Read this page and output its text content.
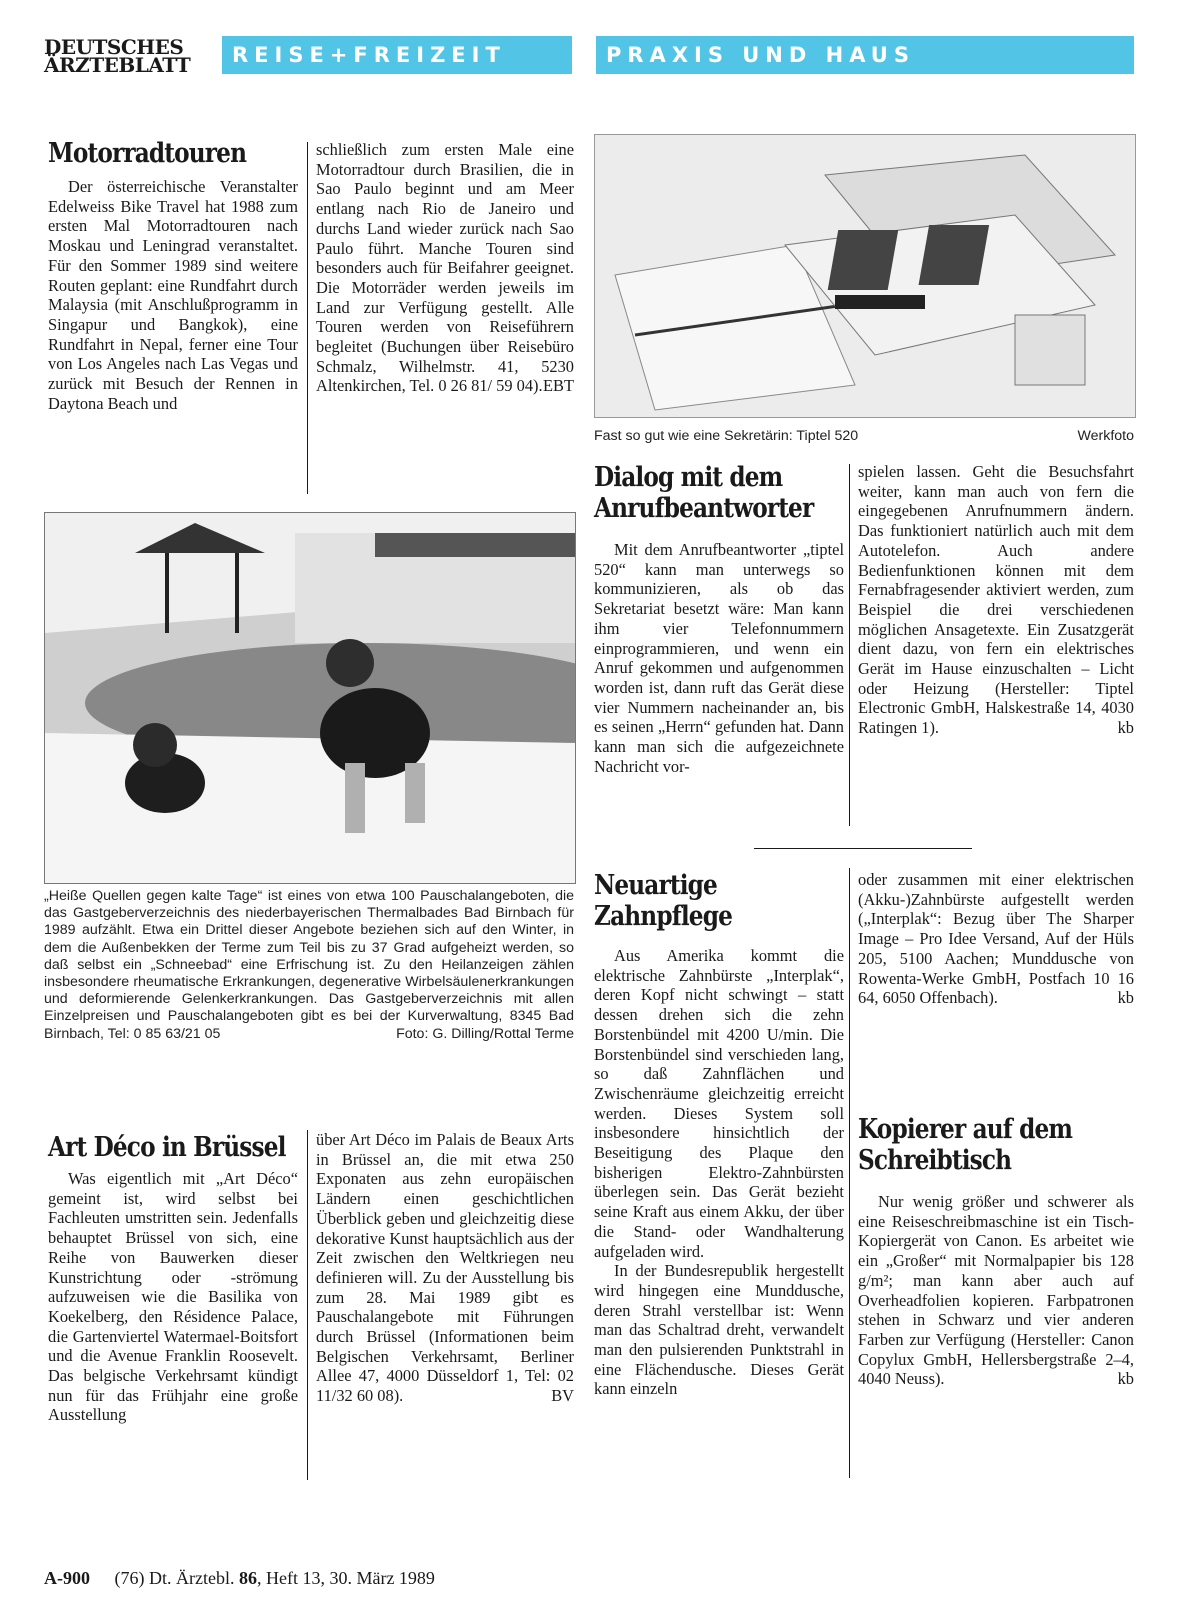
DEUTSCHES
ÄRZTEBLATT	REISE+FREIZEIT	PRAXIS UND HAUS
Motorradtouren

Der österreichische Veranstalter Edelweiss Bike Travel hat 1988 zum ersten Mal Motorradtouren nach Moskau und Leningrad veranstaltet. Für den Sommer 1989 sind weitere Routen geplant: eine Rundfahrt durch Malaysia (mit Anschlußprogramm in Singapur und Bangkok), eine Rundfahrt in Nepal, ferner eine Tour von Los Angeles nach Las Vegas und zurück mit Besuch der Rennen in Daytona Beach und

schließlich zum ersten Male eine Motorradtour durch Brasilien, die in Sao Paulo beginnt und am Meer entlang nach Rio de Janeiro und durchs Land wieder zurück nach Sao Paulo führt. Manche Touren sind besonders auch für Beifahrer geeignet. Die Motorräder werden jeweils im Land zur Verfügung gestellt. Alle Touren werden von Reiseführern begleitet (Buchungen über Reisebüro Schmalz, Wilhelmstr. 41, 5230 Altenkirchen, Tel. 0 26 81/ 59 04). EBT

Fast so gut wie eine Sekretärin: Tiptel 520	Werkfoto
Dialog mit dem
Anrufbeantworter

Mit dem Anrufbeantworter „tiptel 520“ kann man unterwegs so kommunizieren, als ob das Sekretariat besetzt wäre: Man kann ihm vier Telefonnummern einprogrammieren, und wenn ein Anruf gekommen und aufgenommen worden ist, dann ruft das Gerät diese vier Nummern nacheinander an, bis es seinen „Herrn“ gefunden hat. Dann kann man sich die aufgezeichnete Nachricht vor-

spielen lassen. Geht die Besuchsfahrt weiter, kann man auch von fern die eingegebenen Anrufnummern ändern. Das funktioniert natürlich auch mit dem Autotelefon. Auch andere Bedienfunktionen können mit dem Fernabfragesender aktiviert werden, zum Beispiel die drei verschiedenen möglichen Ansagetexte. Ein Zusatzgerät dient dazu, von fern ein elektrisches Gerät im Hause einzuschalten – Licht oder Heizung (Hersteller: Tiptel Electronic GmbH, Halskestraße 14, 4030 Ratingen 1).	kb

„Heiße Quellen gegen kalte Tage“ ist eines von etwa 100 Pauschalangeboten, die das Gastgeberverzeichnis des niederbayerischen Thermalbades Bad Birnbach für 1989 aufzählt. Etwa ein Drittel dieser Angebote beziehen sich auf den Winter, in dem die Außenbekken der Terme zum Teil bis zu 37 Grad aufgeheizt werden, so daß selbst ein „Schneebad“ eine Erfrischung ist. Zu den Heilanzeigen zählen insbesondere rheumatische Erkrankungen, degenerative Wirbelsäulenerkrankungen und deformierende Gelenkerkrankungen. Das Gastgeberverzeichnis mit allen Einzelpreisen und Pauschalangeboten gibt es bei der Kurverwaltung, 8345 Bad Birnbach, Tel: 0 85 63/21 05	Foto: G. Dilling/Rottal Terme
Neuartige
Zahnpflege

Aus Amerika kommt die elektrische Zahnbürste „Interplak“, deren Kopf nicht schwingt – statt dessen drehen sich die zehn Borstenbündel mit 4200 U/min. Die Borstenbündel sind verschieden lang, so daß Zahnflächen und Zwischenräume gleichzeitig erreicht werden. Dieses System soll insbesondere hinsichtlich der Beseitigung des Plaque den bisherigen Elektro-Zahnbürsten überlegen sein. Das Gerät bezieht seine Kraft aus einem Akku, der über die Stand- oder Wandhalterung aufgeladen wird.

In der Bundesrepublik hergestellt wird hingegen eine Munddusche, deren Strahl verstellbar ist: Wenn man das Schaltrad dreht, verwandelt man den pulsierenden Punktstrahl in eine Flächendusche. Dieses Gerät kann einzeln

oder zusammen mit einer elektrischen (Akku-)Zahnbürste aufgestellt werden („Interplak“: Bezug über The Sharper Image – Pro Idee Versand, Auf der Hüls 205, 5100 Aachen; Munddusche von Rowenta-Werke GmbH, Postfach 10 16 64, 6050 Offenbach).	kb

Kopierer auf dem
Schreibtisch

Nur wenig größer und schwerer als eine Reiseschreibmaschine ist ein Tisch-Kopiergerät von Canon. Es arbeitet wie ein „Großer“ mit Normalpapier bis 128 g/m²; man kann aber auch auf Overheadfolien kopieren. Farbpatronen stehen in Schwarz und vier anderen Farben zur Verfügung (Hersteller: Canon Copylux GmbH, Hellersbergstraße 2–4, 4040 Neuss).	kb

Art Déco in Brüssel

Was eigentlich mit „Art Déco“ gemeint ist, wird selbst bei Fachleuten umstritten sein. Jedenfalls behauptet Brüssel von sich, eine Reihe von Bauwerken dieser Kunstrichtung oder -strömung aufzuweisen wie die Basilika von Koekelberg, den Résidence Palace, die Gartenviertel Watermael-Boitsfort und die Avenue Franklin Roosevelt. Das belgische Verkehrsamt kündigt nun für das Frühjahr eine große Ausstellung

über Art Déco im Palais de Beaux Arts in Brüssel an, die mit etwa 250 Exponaten aus zehn europäischen Ländern einen geschichtlichen Überblick geben und gleichzeitig diese dekorative Kunst hauptsächlich aus der Zeit zwischen den Weltkriegen neu definieren will. Zu der Ausstellung bis zum 28. Mai 1989 gibt es Pauschalangebote mit Führungen durch Brüssel (Informationen beim Belgischen Verkehrsamt, Berliner Allee 47, 4000 Düsseldorf 1, Tel: 02 11/32 60 08).	BV

A-900 (76) Dt. Ärztebl. 86, Heft 13, 30. März 1989
